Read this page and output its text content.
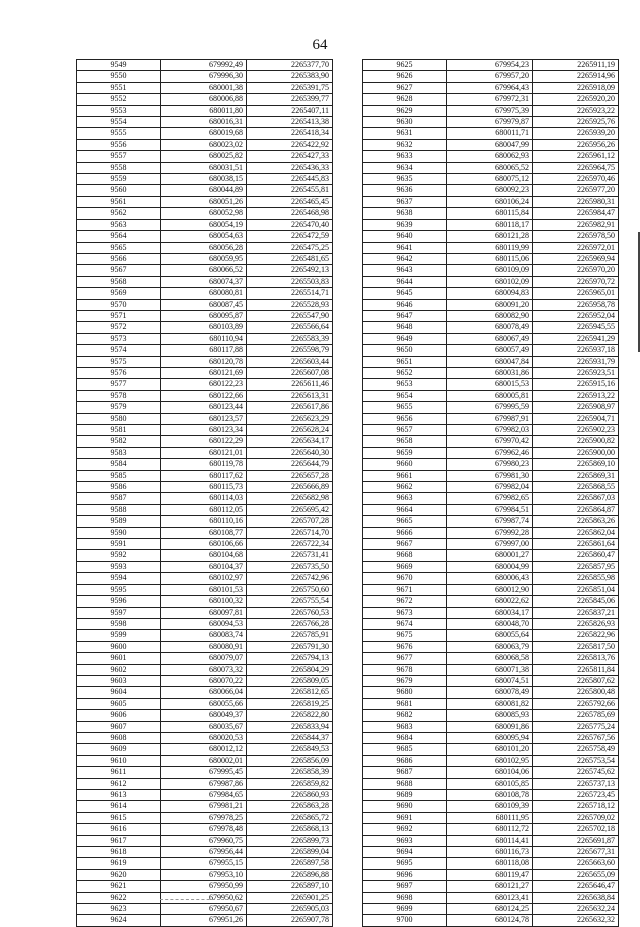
64
9549	679992,49	2265377,70
9550	679996,30	2265383,90
9551	680001,38	2265391,75
9552	680006,88	2265399,77
9553	680011,80	2265407,11
9554	680016,31	2265413,38
9555	680019,68	2265418,34
9556	680023,02	2265422,92
9557	680025,82	2265427,33
9558	680031,51	2265436,33
9559	680038,15	2265445,83
9560	680044,89	2265455,81
9561	680051,26	2265465,45
9562	680052,98	2265468,98
9563	680054,19	2265470,40
9564	680054,63	2265472,59
9565	680056,28	2265475,25
9566	680059,95	2265481,65
9567	680066,52	2265492,13
9568	680074,37	2265503,83
9569	680080,81	2265514,71
9570	680087,45	2265528,93
9571	680095,87	2265547,90
9572	680103,89	2265566,64
9573	680110,94	2265583,39
9574	680117,88	2265598,79
9575	680120,78	2265603,44
9576	680121,69	2265607,08
9577	680122,23	2265611,46
9578	680122,66	2265613,31
9579	680123,44	2265617,86
9580	680123,57	2265623,29
9581	680123,34	2265628,24
9582	680122,29	2265634,17
9583	680121,01	2265640,30
9584	680119,78	2265644,79
9585	680117,62	2265657,28
9586	680115,73	2265666,89
9587	680114,03	2265682,98
9588	680112,05	2265695,42
9589	680110,16	2265707,28
9590	680108,77	2265714,70
9591	680106,66	2265722,34
9592	680104,68	2265731,41
9593	680104,37	2265735,50
9594	680102,97	2265742,96
9595	680101,53	2265750,60
9596	680100,32	2265755,54
9597	680097,81	2265760,53
9598	680094,53	2265766,28
9599	680083,74	2265785,91
9600	680080,91	2265791,30
9601	680079,07	2265794,13
9602	680073,32	2265804,29
9603	680070,22	2265809,05
9604	680066,04	2265812,65
9605	680055,66	2265819,25
9606	680049,37	2265822,80
9607	680035,67	2265833,94
9608	680020,53	2265844,37
9609	680012,12	2265849,53
9610	680002,01	2265856,09
9611	679995,45	2265858,39
9612	679987,86	2265859,82
9613	679984,65	2265860,93
9614	679981,21	2265863,28
9615	679978,25	2265865,72
9616	679978,48	2265868,13
9617	679960,75	2265899,73
9618	679956,44	2265899,04
9619	679955,15	2265897,58
9620	679953,10	2265896,88
9621	679950,99	2265897,10
9622	679950,62	2265901,25
9623	679950,67	2265905,03
9624	679951,26	2265907,78
9625	679954,23	2265911,19
9626	679957,20	2265914,96
9627	679964,43	2265918,09
9628	679972,31	2265920,20
9629	679975,39	2265923,22
9630	679979,87	2265925,76
9631	680011,71	2265939,20
9632	680047,99	2265956,26
9633	680062,93	2265961,12
9634	680065,52	2265964,75
9635	680075,12	2265970,46
9636	680092,23	2265977,20
9637	680106,24	2265980,31
9638	680115,84	2265984,47
9639	680118,17	2265982,91
9640	680121,28	2265978,50
9641	680119,99	2265972,01
9642	680115,06	2265969,94
9643	680109,09	2265970,20
9644	680102,09	2265970,72
9645	680094,83	2265965,01
9646	680091,20	2265958,78
9647	680082,90	2265952,04
9648	680078,49	2265945,55
9649	680067,49	2265941,29
9650	680057,49	2265937,18
9651	680047,84	2265931,79
9652	680031,86	2265923,51
9653	680015,53	2265915,16
9654	680005,81	2265913,22
9655	679995,59	2265908,97
9656	679987,91	2265904,71
9657	679982,03	2265902,23
9658	679970,42	2265900,82
9659	679962,46	2265900,00
9660	679980,23	2265869,10
9661	679981,30	2265869,31
9662	679982,04	2265868,55
9663	679982,65	2265867,03
9664	679984,51	2265864,87
9665	679987,74	2265863,26
9666	679992,28	2265862,04
9667	679997,00	2265861,64
9668	680001,27	2265860,47
9669	680004,99	2265857,95
9670	680006,43	2265855,98
9671	680012,90	2265851,04
9672	680022,62	2265845,06
9673	680034,17	2265837,21
9674	680048,70	2265826,93
9675	680055,64	2265822,96
9676	680063,79	2265817,50
9677	680068,58	2265813,76
9678	680071,38	2265811,84
9679	680074,51	2265807,62
9680	680078,49	2265800,48
9681	680081,82	2265792,66
9682	680085,93	2265785,69
9683	680091,86	2265775,24
9684	680095,94	2265767,56
9685	680101,20	2265758,49
9686	680102,95	2265753,54
9687	680104,06	2265745,62
9688	680105,85	2265737,13
9689	680108,78	2265723,45
9690	680109,39	2265718,12
9691	680111,95	2265709,02
9692	680112,72	2265702,18
9693	680114,41	2265691,87
9694	680116,73	2265677,31
9695	680118,08	2265663,60
9696	680119,47	2265655,09
9697	680121,27	2265646,47
9698	680123,41	2265638,84
9699	680124,25	2265632,24
9700	680124,78	2265632,32
